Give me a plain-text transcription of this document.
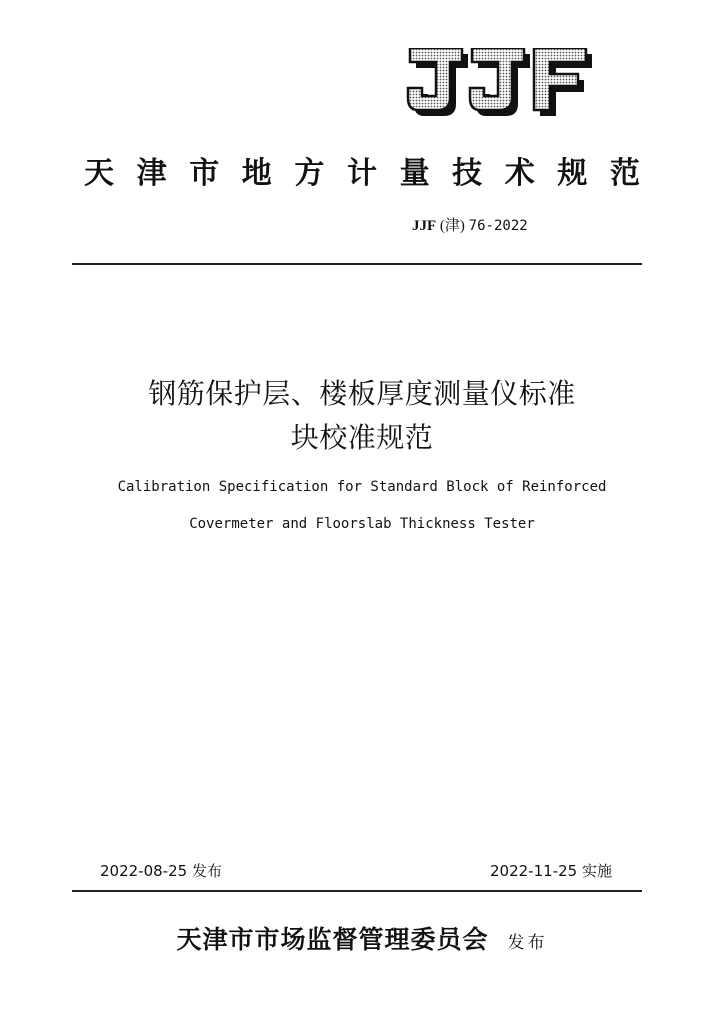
天 津 市 地 方 计 量 技 术 规 范
JJF (津) 76-2022
钢筋保护层、楼板厚度测量仪标准
块校准规范
Calibration Specification for Standard Block of Reinforced
Covermeter and Floorslab Thickness Tester
2022-08-25 发布	2022-11-25 实施
天津市市场监督管理委员会 发布
